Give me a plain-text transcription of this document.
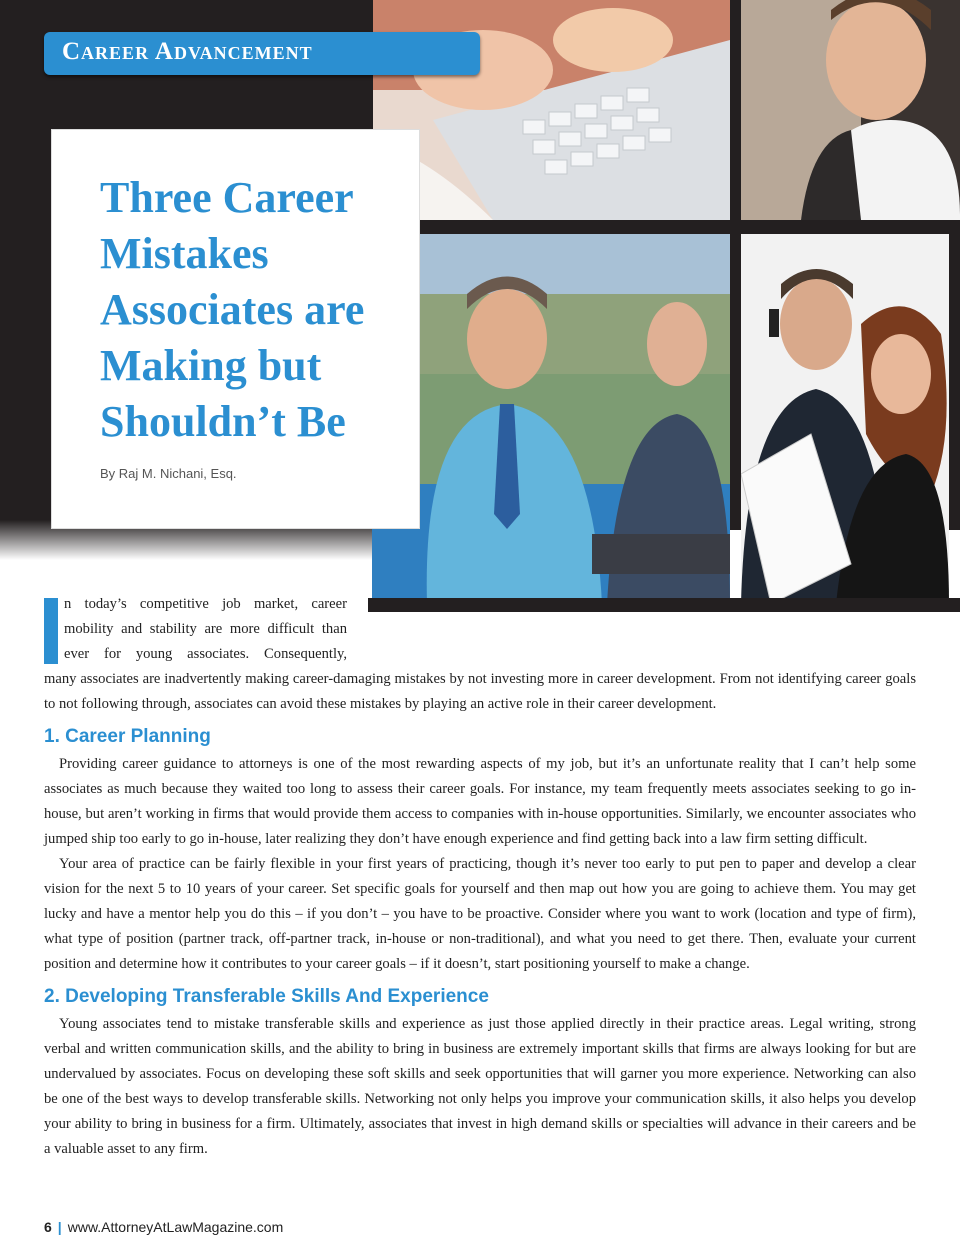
Career Advancement
Three Career Mistakes Associates are Making but Shouldn’t Be
By Raj M. Nichani, Esq.

n today’s competitive job market, career

mobility and stability are more difficult than

ever for young associates. Consequently,

many associates are inadvertently making career-damaging mistakes by not investing more in career development. From not identifying career goals to not following through, associates can avoid these mistakes by playing an active role in their career development.

1. Career Planning

Providing career guidance to attorneys is one of the most rewarding aspects of my job, but it’s an unfortunate reality that I can’t help some associates as much because they waited too long to assess their career goals. For instance, my team frequently meets associates seeking to go in-house, but aren’t working in firms that would provide them access to companies with in-house opportunities. Similarly, we encounter associates who jumped ship too early to go in-house, later realizing they don’t have enough experience and find getting back into a law firm setting difficult.

Your area of practice can be fairly flexible in your first years of practicing, though it’s never too early to put pen to paper and develop a clear vision for the next 5 to 10 years of your career. Set specific goals for yourself and then map out how you are going to achieve them. You may get lucky and have a mentor help you do this – if you don’t – you have to be proactive. Consider where you want to work (location and type of firm), what type of position (partner track, off-partner track, in-house or non-traditional), and what you need to get there. Then, evaluate your current position and determine how it contributes to your career goals – if it doesn’t, start positioning yourself to make a change.

2. Developing Transferable Skills And Experience

Young associates tend to mistake transferable skills and experience as just those applied directly in their practice areas. Legal writing, strong verbal and written communication skills, and the ability to bring in business are extremely important skills that firms are always looking for but are undervalued by associates. Focus on developing these soft skills and seek opportunities that will garner you more experience. Networking can also be one of the best ways to develop transferable skills. Networking not only helps you improve your communication skills, it also helps you develop your ability to bring in business for a firm. Ultimately, associates that invest in high demand skills or specialties will advance in their careers and be a valuable asset to any firm.

6 | www.AttorneyAtLawMagazine.com
